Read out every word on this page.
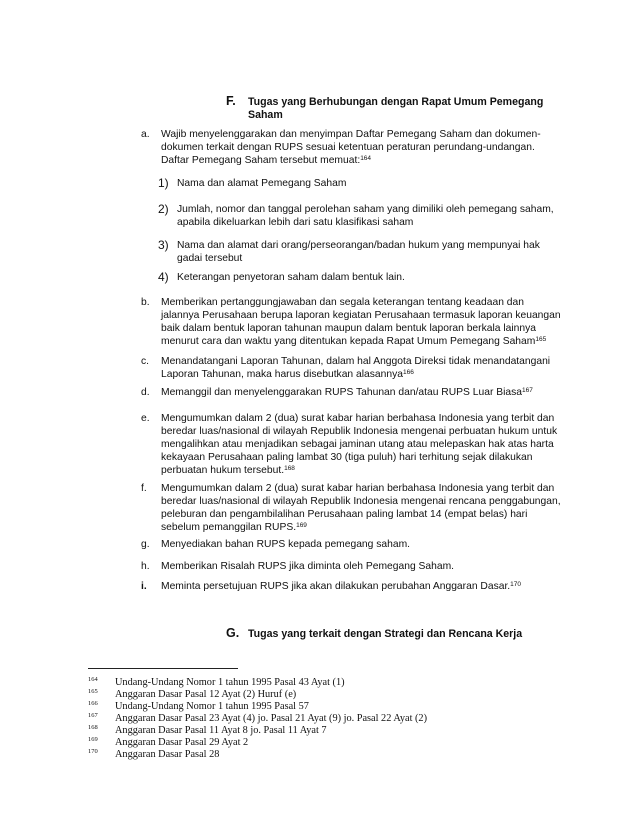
F. Tugas yang Berhubungan dengan Rapat Umum Pemegang
Saham
a. Wajib menyelenggarakan dan menyimpan Daftar Pemegang Saham dan dokumen-dokumen terkait dengan RUPS sesuai ketentuan peraturan perundang-undangan. Daftar Pemegang Saham tersebut memuat:$^{164}$
1) Nama dan alamat Pemegang Saham
2) Jumlah, nomor dan tanggal perolehan saham yang dimiliki oleh pemegang saham, apabila dikeluarkan lebih dari satu klasifikasi saham
3) Nama dan alamat dari orang/perseorangan/badan hukum yang mempunyai hak gadai tersebut
4) Keterangan penyetoran saham dalam bentuk lain.
b. Memberikan pertanggungjawaban dan segala keterangan tentang keadaan dan jalannya Perusahaan berupa laporan kegiatan Perusahaan termasuk laporan keuangan baik dalam bentuk laporan tahunan maupun dalam bentuk laporan berkala lainnya menurut cara dan waktu yang ditentukan kepada Rapat Umum Pemegang Saham$^{165}$
c. Menandatangani Laporan Tahunan, dalam hal Anggota Direksi tidak menandatangani Laporan Tahunan, maka harus disebutkan alasannya$^{166}$
d. Memanggil dan menyelenggarakan RUPS Tahunan dan/atau RUPS Luar Biasa$^{167}$
e. Mengumumkan dalam 2 (dua) surat kabar harian berbahasa Indonesia yang terbit dan beredar luas/nasional di wilayah Republik Indonesia mengenai perbuatan hukum untuk mengalihkan atau menjadikan sebagai jaminan utang atau melepaskan hak atas harta kekayaan Perusahaan paling lambat 30 (tiga puluh) hari terhitung sejak dilakukan perbuatan hukum tersebut.$^{168}$
f. Mengumumkan dalam 2 (dua) surat kabar harian berbahasa Indonesia yang terbit dan beredar luas/nasional di wilayah Republik Indonesia mengenai rencana penggabungan, peleburan dan pengambilalihan Perusahaan paling lambat 14 (empat belas) hari sebelum pemanggilan RUPS.$^{169}$
g. Menyediakan bahan RUPS kepada pemegang saham.
h. Memberikan Risalah RUPS jika diminta oleh Pemegang Saham.
i. Meminta persetujuan RUPS jika akan dilakukan perubahan Anggaran Dasar.$^{170}$
G. Tugas yang terkait dengan Strategi dan Rencana Kerja
164 Undang-Undang Nomor 1 tahun 1995 Pasal 43 Ayat (1)
165 Anggaran Dasar Pasal 12 Ayat (2) Huruf (e)
166 Undang-Undang Nomor 1 tahun 1995 Pasal 57
167 Anggaran Dasar Pasal 23 Ayat (4) jo. Pasal 21 Ayat (9) jo. Pasal 22 Ayat (2)
168 Anggaran Dasar Pasal 11 Ayat 8 jo. Pasal 11 Ayat 7
169 Anggaran Dasar Pasal 29 Ayat 2
170 Anggaran Dasar Pasal 28
